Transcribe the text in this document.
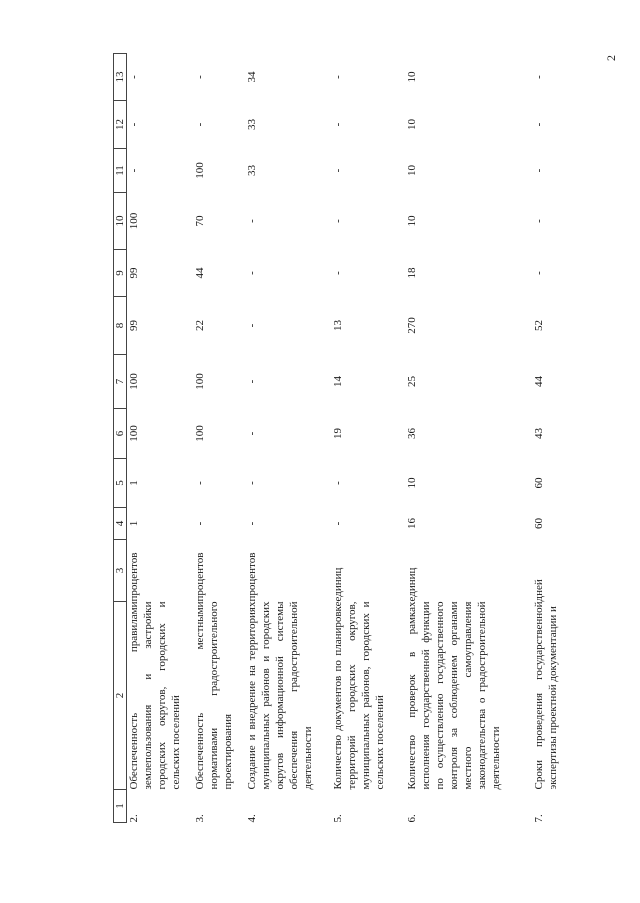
2
1	2	3	4	5	6	7	8	9	10	11	12	13
2.	Обеспеченность правилами землепользования и застройки городских округов, городских и сельских поселений	процентов	1	1	100	100	99	99	100	-	-	-
3.	Обеспеченность местными нормативами градостроительного проектирования	процентов	-	-	100	100	22	44	70	100	-	-
4.	Создание и внедрение на территориях муниципальных районов и городских округов информационной системы обеспечения градостроительной деятельности	процентов	-	-	-	-	-	-	-	33	33	34
5.	Количество документов по планировке территорий городских округов, муниципальных районов, городских и сельских поселений	единиц	-	-	19	14	13	-	-	-	-	-
6.	Количество проверок в рамках исполнения государственной функции по осуществлению государственного контроля за соблюдением органами местного самоуправления законодательства о градостроительной деятельности	единиц	16	10	36	25	270	18	10	10	10	10
7.	Сроки проведения государственной экспертизы проектной документации и	дней	60	60	43	44	52	-	-	-	-	-
